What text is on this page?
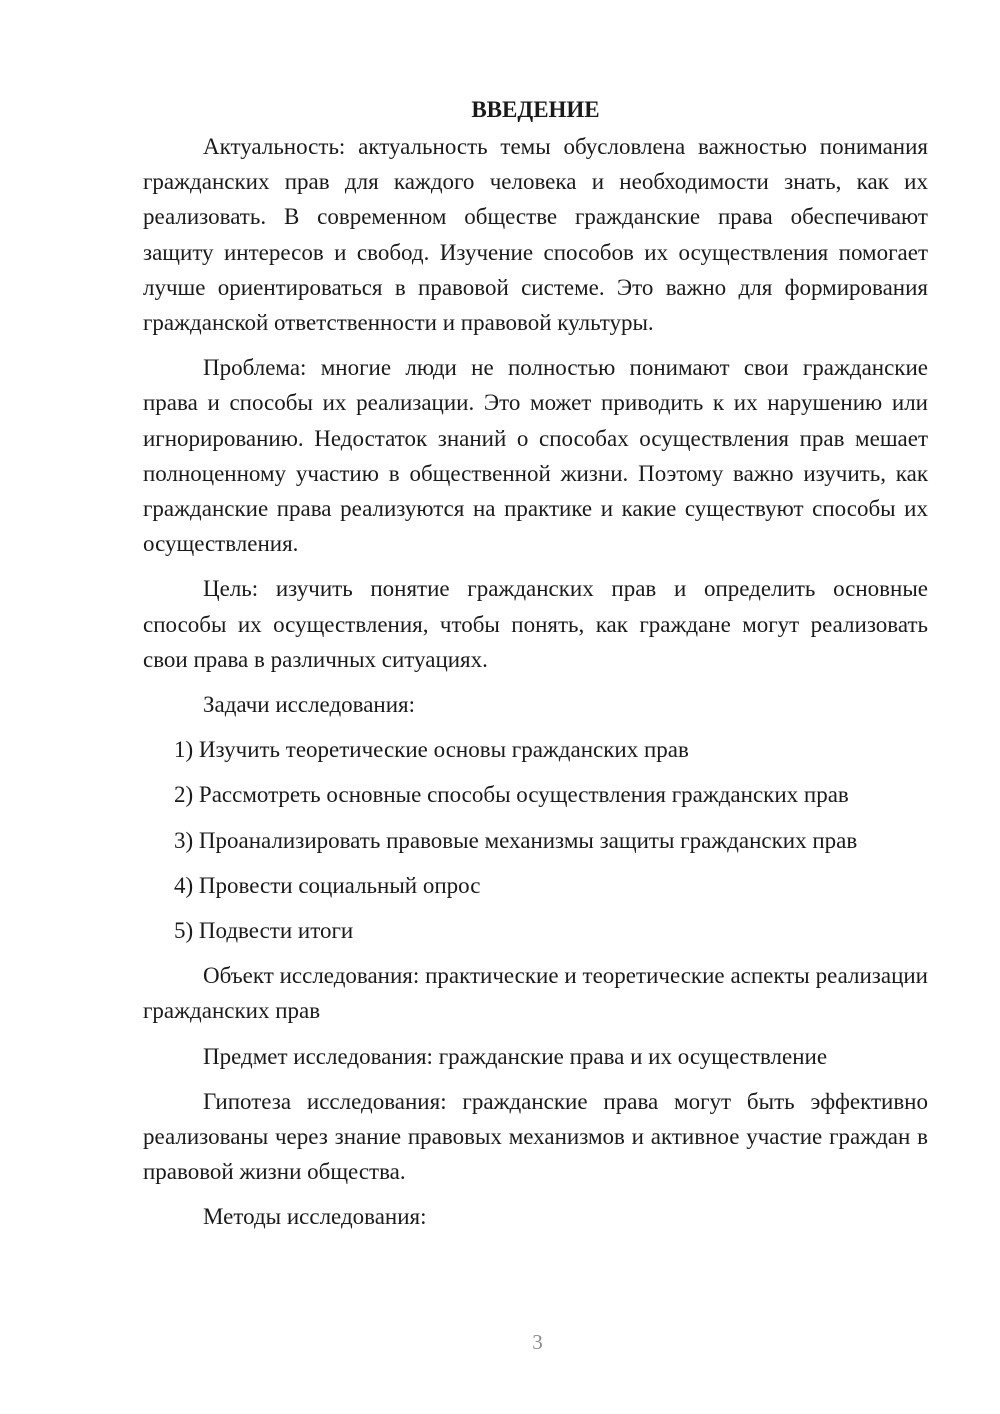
ВВЕДЕНИЕ

Актуальность: актуальность темы обусловлена важностью понимания гражданских прав для каждого человека и необходимости знать, как их реализовать. В современном обществе гражданские права обеспечивают защиту интересов и свобод. Изучение способов их осуществления помогает лучше ориентироваться в правовой системе. Это важно для формирования гражданской ответственности и правовой культуры.

Проблема: многие люди не полностью понимают свои гражданские права и способы их реализации. Это может приводить к их нарушению или игнорированию. Недостаток знаний о способах осуществления прав мешает полноценному участию в общественной жизни. Поэтому важно изучить, как гражданские права реализуются на практике и какие существуют способы их осуществления.

Цель: изучить понятие гражданских прав и определить основные способы их осуществления, чтобы понять, как граждане могут реализовать свои права в различных ситуациях.

Задачи исследования:

1) Изучить теоретические основы гражданских прав

2) Рассмотреть основные способы осуществления гражданских прав

3) Проанализировать правовые механизмы защиты гражданских прав

4) Провести социальный опрос

5) Подвести итоги

Объект исследования: практические и теоретические аспекты реализации гражданских прав

Предмет исследования: гражданские права и их осуществление

Гипотеза исследования: гражданские права могут быть эффективно реализованы через знание правовых механизмов и активное участие граждан в правовой жизни общества.

Методы исследования:

3
